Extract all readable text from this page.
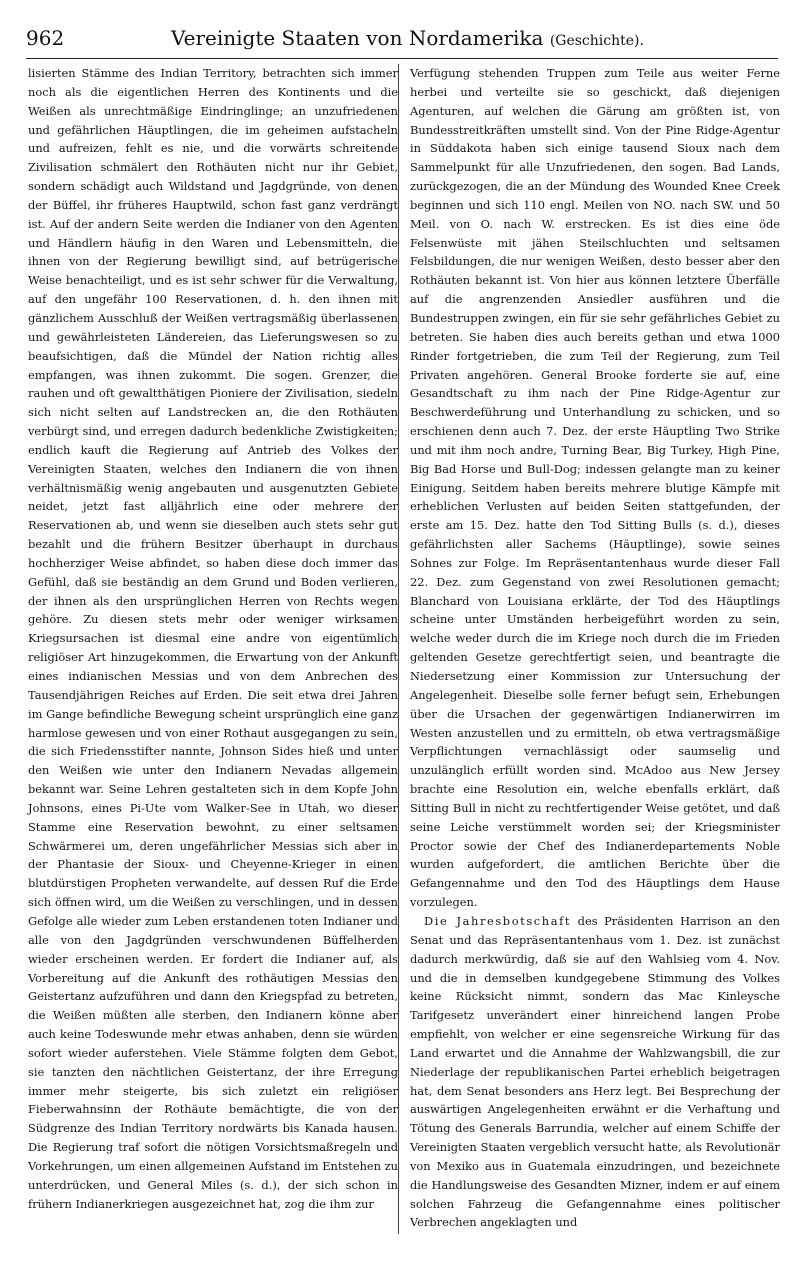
962	Vereinigte Staaten von Nordamerika (Geschichte).

lisierten Stämme des Indian Territory, betrachten sich immer noch als die eigentlichen Herren des Kontinents und die Weißen als unrechtmäßige Eindringlinge; an unzufriedenen und gefährlichen Häuptlingen, die im geheimen aufstacheln und aufreizen, fehlt es nie, und die vorwärts schreitende Zivilisation schmälert den Rothäuten nicht nur ihr Gebiet, sondern schädigt auch Wildstand und Jagdgründe, von denen der Büffel, ihr früheres Hauptwild, schon fast ganz verdrängt ist. Auf der andern Seite werden die Indianer von den Agenten und Händlern häufig in den Waren und Lebensmitteln, die ihnen von der Regierung bewilligt sind, auf betrügerische Weise benachteiligt, und es ist sehr schwer für die Verwaltung, auf den ungefähr 100 Reservationen, d. h. den ihnen mit gänzlichem Ausschluß der Weißen vertragsmäßig überlassenen und gewährleisteten Ländereien, das Lieferungswesen so zu beaufsichtigen, daß die Mündel der Nation richtig alles empfangen, was ihnen zukommt. Die sogen. Grenzer, die rauhen und oft gewaltthätigen Pioniere der Zivilisation, siedeln sich nicht selten auf Landstrecken an, die den Rothäuten verbürgt sind, und erregen dadurch bedenkliche Zwistigkeiten; endlich kauft die Regierung auf Antrieb des Volkes der Vereinigten Staaten, welches den Indianern die von ihnen verhältnismäßig wenig angebauten und ausgenutzten Gebiete neidet, jetzt fast alljährlich eine oder mehrere der Reservationen ab, und wenn sie dieselben auch stets sehr gut bezahlt und die frühern Besitzer überhaupt in durchaus hochherziger Weise abfindet, so haben diese doch immer das Gefühl, daß sie beständig an dem Grund und Boden verlieren, der ihnen als den ursprünglichen Herren von Rechts wegen gehöre. Zu diesen stets mehr oder weniger wirksamen Kriegsursachen ist diesmal eine andre von eigentümlich religiöser Art hinzugekommen, die Erwartung von der Ankunft eines indianischen Messias und von dem Anbrechen des Tausendjährigen Reiches auf Erden. Die seit etwa drei Jahren im Gange befindliche Bewegung scheint ursprünglich eine ganz harmlose gewesen und von einer Rothaut ausgegangen zu sein, die sich Friedensstifter nannte, Johnson Sides hieß und unter den Weißen wie unter den Indianern Nevadas allgemein bekannt war. Seine Lehren gestalteten sich in dem Kopfe John Johnsons, eines Pi-Ute vom Walker-See in Utah, wo dieser Stamme eine Reservation bewohnt, zu einer seltsamen Schwärmerei um, deren ungefährlicher Messias sich aber in der Phantasie der Sioux- und Cheyenne-Krieger in einen blutdürstigen Propheten verwandelte, auf dessen Ruf die Erde sich öffnen wird, um die Weißen zu verschlingen, und in dessen Gefolge alle wieder zum Leben erstandenen toten Indianer und alle von den Jagdgründen verschwundenen Büffelherden wieder erscheinen werden. Er fordert die Indianer auf, als Vorbereitung auf die Ankunft des rothäutigen Messias den Geistertanz aufzuführen und dann den Kriegspfad zu betreten, die Weißen müßten alle sterben, den Indianern könne aber auch keine Todeswunde mehr etwas anhaben, denn sie würden sofort wieder auferstehen. Viele Stämme folgten dem Gebot, sie tanzten den nächtlichen Geistertanz, der ihre Erregung immer mehr steigerte, bis sich zuletzt ein religiöser Fieberwahnsinn der Rothäute bemächtigte, die von der Südgrenze des Indian Territory nordwärts bis Kanada hausen. Die Regierung traf sofort die nötigen Vorsichtsmaßregeln und Vorkehrungen, um einen allgemeinen Aufstand im Entstehen zu unterdrücken, und General Miles (s. d.), der sich schon in frühern Indianerkriegen ausgezeichnet hat, zog die ihm zur

Verfügung stehenden Truppen zum Teile aus weiter Ferne herbei und verteilte sie so geschickt, daß diejenigen Agenturen, auf welchen die Gärung am größten ist, von Bundesstreitkräften umstellt sind. Von der Pine Ridge-Agentur in Süddakota haben sich einige tausend Sioux nach dem Sammelpunkt für alle Unzufriedenen, den sogen. Bad Lands, zurückgezogen, die an der Mündung des Wounded Knee Creek beginnen und sich 110 engl. Meilen von NO. nach SW. und 50 Meil. von O. nach W. erstrecken. Es ist dies eine öde Felsenwüste mit jähen Steilschluchten und seltsamen Felsbildungen, die nur wenigen Weißen, desto besser aber den Rothäuten bekannt ist. Von hier aus können letztere Überfälle auf die angrenzenden Ansiedler ausführen und die Bundestruppen zwingen, ein für sie sehr gefährliches Gebiet zu betreten. Sie haben dies auch bereits gethan und etwa 1000 Rinder fortgetrieben, die zum Teil der Regierung, zum Teil Privaten angehören. General Brooke forderte sie auf, eine Gesandtschaft zu ihm nach der Pine Ridge-Agentur zur Beschwerdeführung und Unterhandlung zu schicken, und so erschienen denn auch 7. Dez. der erste Häuptling Two Strike und mit ihm noch andre, Turning Bear, Big Turkey, High Pine, Big Bad Horse und Bull-Dog; indessen gelangte man zu keiner Einigung. Seitdem haben bereits mehrere blutige Kämpfe mit erheblichen Verlusten auf beiden Seiten stattgefunden, der erste am 15. Dez. hatte den Tod Sitting Bulls (s. d.), dieses gefährlichsten aller Sachems (Häuptlinge), sowie seines Sohnes zur Folge. Im Repräsentantenhaus wurde dieser Fall 22. Dez. zum Gegenstand von zwei Resolutionen gemacht; Blanchard von Louisiana erklärte, der Tod des Häuptlings scheine unter Umständen herbeigeführt worden zu sein, welche weder durch die im Kriege noch durch die im Frieden geltenden Gesetze gerechtfertigt seien, und beantragte die Niedersetzung einer Kommission zur Untersuchung der Angelegenheit. Dieselbe solle ferner befugt sein, Erhebungen über die Ursachen der gegenwärtigen Indianerwirren im Westen anzustellen und zu ermitteln, ob etwa vertragsmäßige Verpflichtungen vernachlässigt oder saumselig und unzulänglich erfüllt worden sind. McAdoo aus New Jersey brachte eine Resolution ein, welche ebenfalls erklärt, daß Sitting Bull in nicht zu rechtfertigender Weise getötet, und daß seine Leiche verstümmelt worden sei; der Kriegsminister Proctor sowie der Chef des Indianerdepartements Noble wurden aufgefordert, die amtlichen Berichte über die Gefangennahme und den Tod des Häuptlings dem Hause vorzulegen.

Die Jahresbotschaft des Präsidenten Harrison an den Senat und das Repräsentantenhaus vom 1. Dez. ist zunächst dadurch merkwürdig, daß sie auf den Wahlsieg vom 4. Nov. und die in demselben kundgegebene Stimmung des Volkes keine Rücksicht nimmt, sondern das Mac Kinleysche Tarifgesetz unverändert einer hinreichend langen Probe empfiehlt, von welcher er eine segensreiche Wirkung für das Land erwartet und die Annahme der Wahlzwangsbill, die zur Niederlage der republikanischen Partei erheblich beigetragen hat, dem Senat besonders ans Herz legt. Bei Besprechung der auswärtigen Angelegenheiten erwähnt er die Verhaftung und Tötung des Generals Barrundia, welcher auf einem Schiffe der Vereinigten Staaten vergeblich versucht hatte, als Revolutionär von Mexiko aus in Guatemala einzudringen, und bezeichnete die Handlungsweise des Gesandten Mizner, indem er auf einem solchen Fahrzeug die Gefangennahme eines politischer Verbrechen angeklagten und
